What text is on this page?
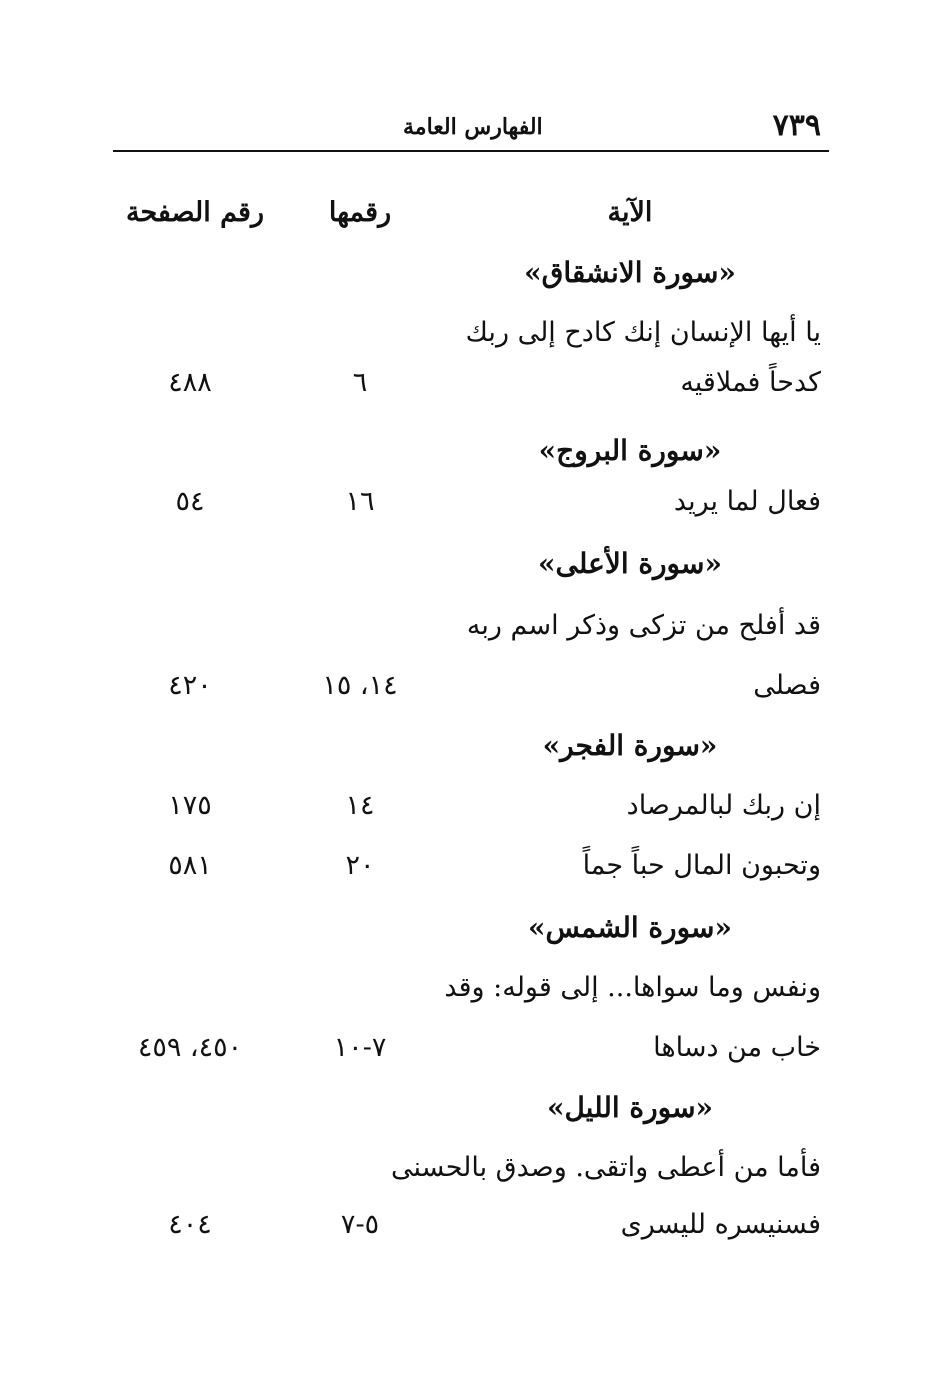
٧٣٩
الفهارس العامة
الآية
رقمها
رقم الصفحة
«سورة الانشقاق»
يا أيها الإنسان إنك كادح إلى ربك
كدحاً فملاقيه
٦
٤٨٨
«سورة البروج»
فعال لما يريد
١٦
٥٤
«سورة الأعلى»
قد أفلح من تزكى وذكر اسم ربه
فصلى
١٤، ١٥
٤٢٠
«سورة الفجر»
إن ربك لبالمرصاد
١٤
١٧٥
وتحبون المال حباً جماً
٢٠
٥٨١
«سورة الشمس»
ونفس وما سواها... إلى قوله: وقد
خاب من دساها
٧-١٠
٤٥٠، ٤٥٩
«سورة الليل»
فأما من أعطى واتقى. وصدق بالحسنى
فسنيسره لليسرى
٥-٧
٤٠٤
